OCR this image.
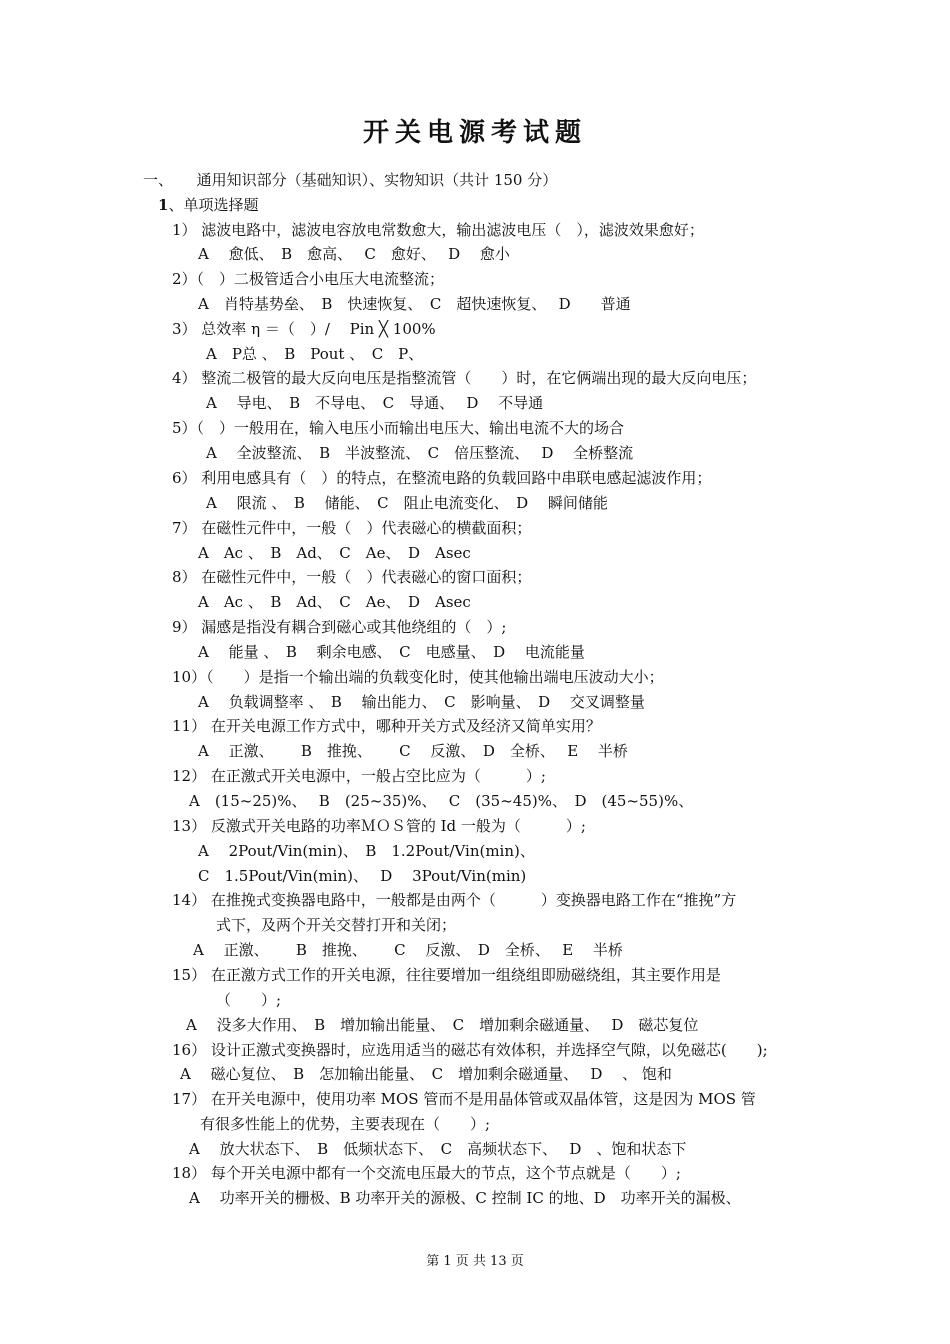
开关电源考试题
一、 通用知识部分（基础知识）、实物知识（共计 150 分）
1、单项选择题
1） 滤波电路中，滤波电容放电常数愈大，输出滤波电压（　），滤波效果愈好；
A　 愈低、　B　愈高、　 C　愈好、　 D　 愈小
2）（　）二极管适合小电压大电流整流；
A　肖特基势垒、　B　快速恢复、　C　超快速恢复、　 D　　普通
3） 总效率 η ＝（　）/ 　Pin ╳ 100%
A　P总 、　B　Pout 、　C　P、
4） 整流二极管的最大反向电压是指整流管（　　）时，在它俩端出现的最大反向电压；
A　 导电、　B　不导电、　C　导通、　 D　 不导通
5）（　）一般用在，输入电压小而输出电压大、输出电流不大的场合
A　 全波整流、　B　半波整流、　C　倍压整流、　 D　 全桥整流
6） 利用电感具有（　）的特点，在整流电路的负载回路中串联电感起滤波作用；
A　 限流 、　B　 储能、　C　阻止电流变化、　D　 瞬间储能
7） 在磁性元件中，一般（　）代表磁心的横截面积；
A　Ac 、　B　Ad、　C　Ae、　D　Asec
8） 在磁性元件中，一般（　）代表磁心的窗口面积；
A　Ac 、　B　Ad、　C　Ae、　D　Asec
9） 漏感是指没有耦合到磁心或其他绕组的（　）;
A　 能量 、　B　 剩余电感、　C　电感量、　D　 电流能量
10）（　　）是指一个输出端的负载变化时，使其他输出端电压波动大小；
A　 负载调整率 、　B　 输出能力、　C　影响量、　D　 交叉调整量
11） 在开关电源工作方式中，哪种开关方式及经济又简单实用？
A　 正激、　　 B　推挽、　　 C　 反激、　D　全桥、　 E　 半桥
12） 在正激式开关电源中，一般占空比应为（　　　）;
A　(15~25)%、　 B　(25~35)%、　 C　(35~45)%、　D　(45~55)%、
13） 反激式开关电路的功率ＭＯＳ管的 Id 一般为（　　　）;
A　 2Pout/Vin(min)、　B　1.2Pout/Vin(min)、
C　1.5Pout/Vin(min)、　 D　 3Pout/Vin(min)
14） 在推挽式变换器电路中，一般都是由两个（　　　）变换器电路工作在“推挽”方
式下，及两个开关交替打开和关闭；
A　 正激、　　 B　推挽、　　 C　 反激、　D　全桥、　 E　 半桥
15） 在正激方式工作的开关电源，往往要增加一组绕组即励磁绕组，其主要作用是
（　　）;
A　 没多大作用、　B　增加输出能量、　C　增加剩余磁通量、　 D　磁芯复位
16） 设计正激式变换器时，应选用适当的磁芯有效体积，并选择空气隙，以免磁芯(　　);
A　 磁心复位、　B　怎加输出能量、　C　增加剩余磁通量、　 D　 、 饱和
17） 在开关电源中，使用功率 MOS 管而不是用晶体管或双晶体管，这是因为 MOS 管
有很多性能上的优势，主要表现在（　　）;
A　 放大状态下、　B　低频状态下、　C　高频状态下、　 D　、饱和状态下
18） 每个开关电源中都有一个交流电压最大的节点，这个节点就是（　　）;
A　 功率开关的栅极、B 功率开关的源极、C 控制 IC 的地、D　功率开关的漏极、
第 1 页 共 13 页
